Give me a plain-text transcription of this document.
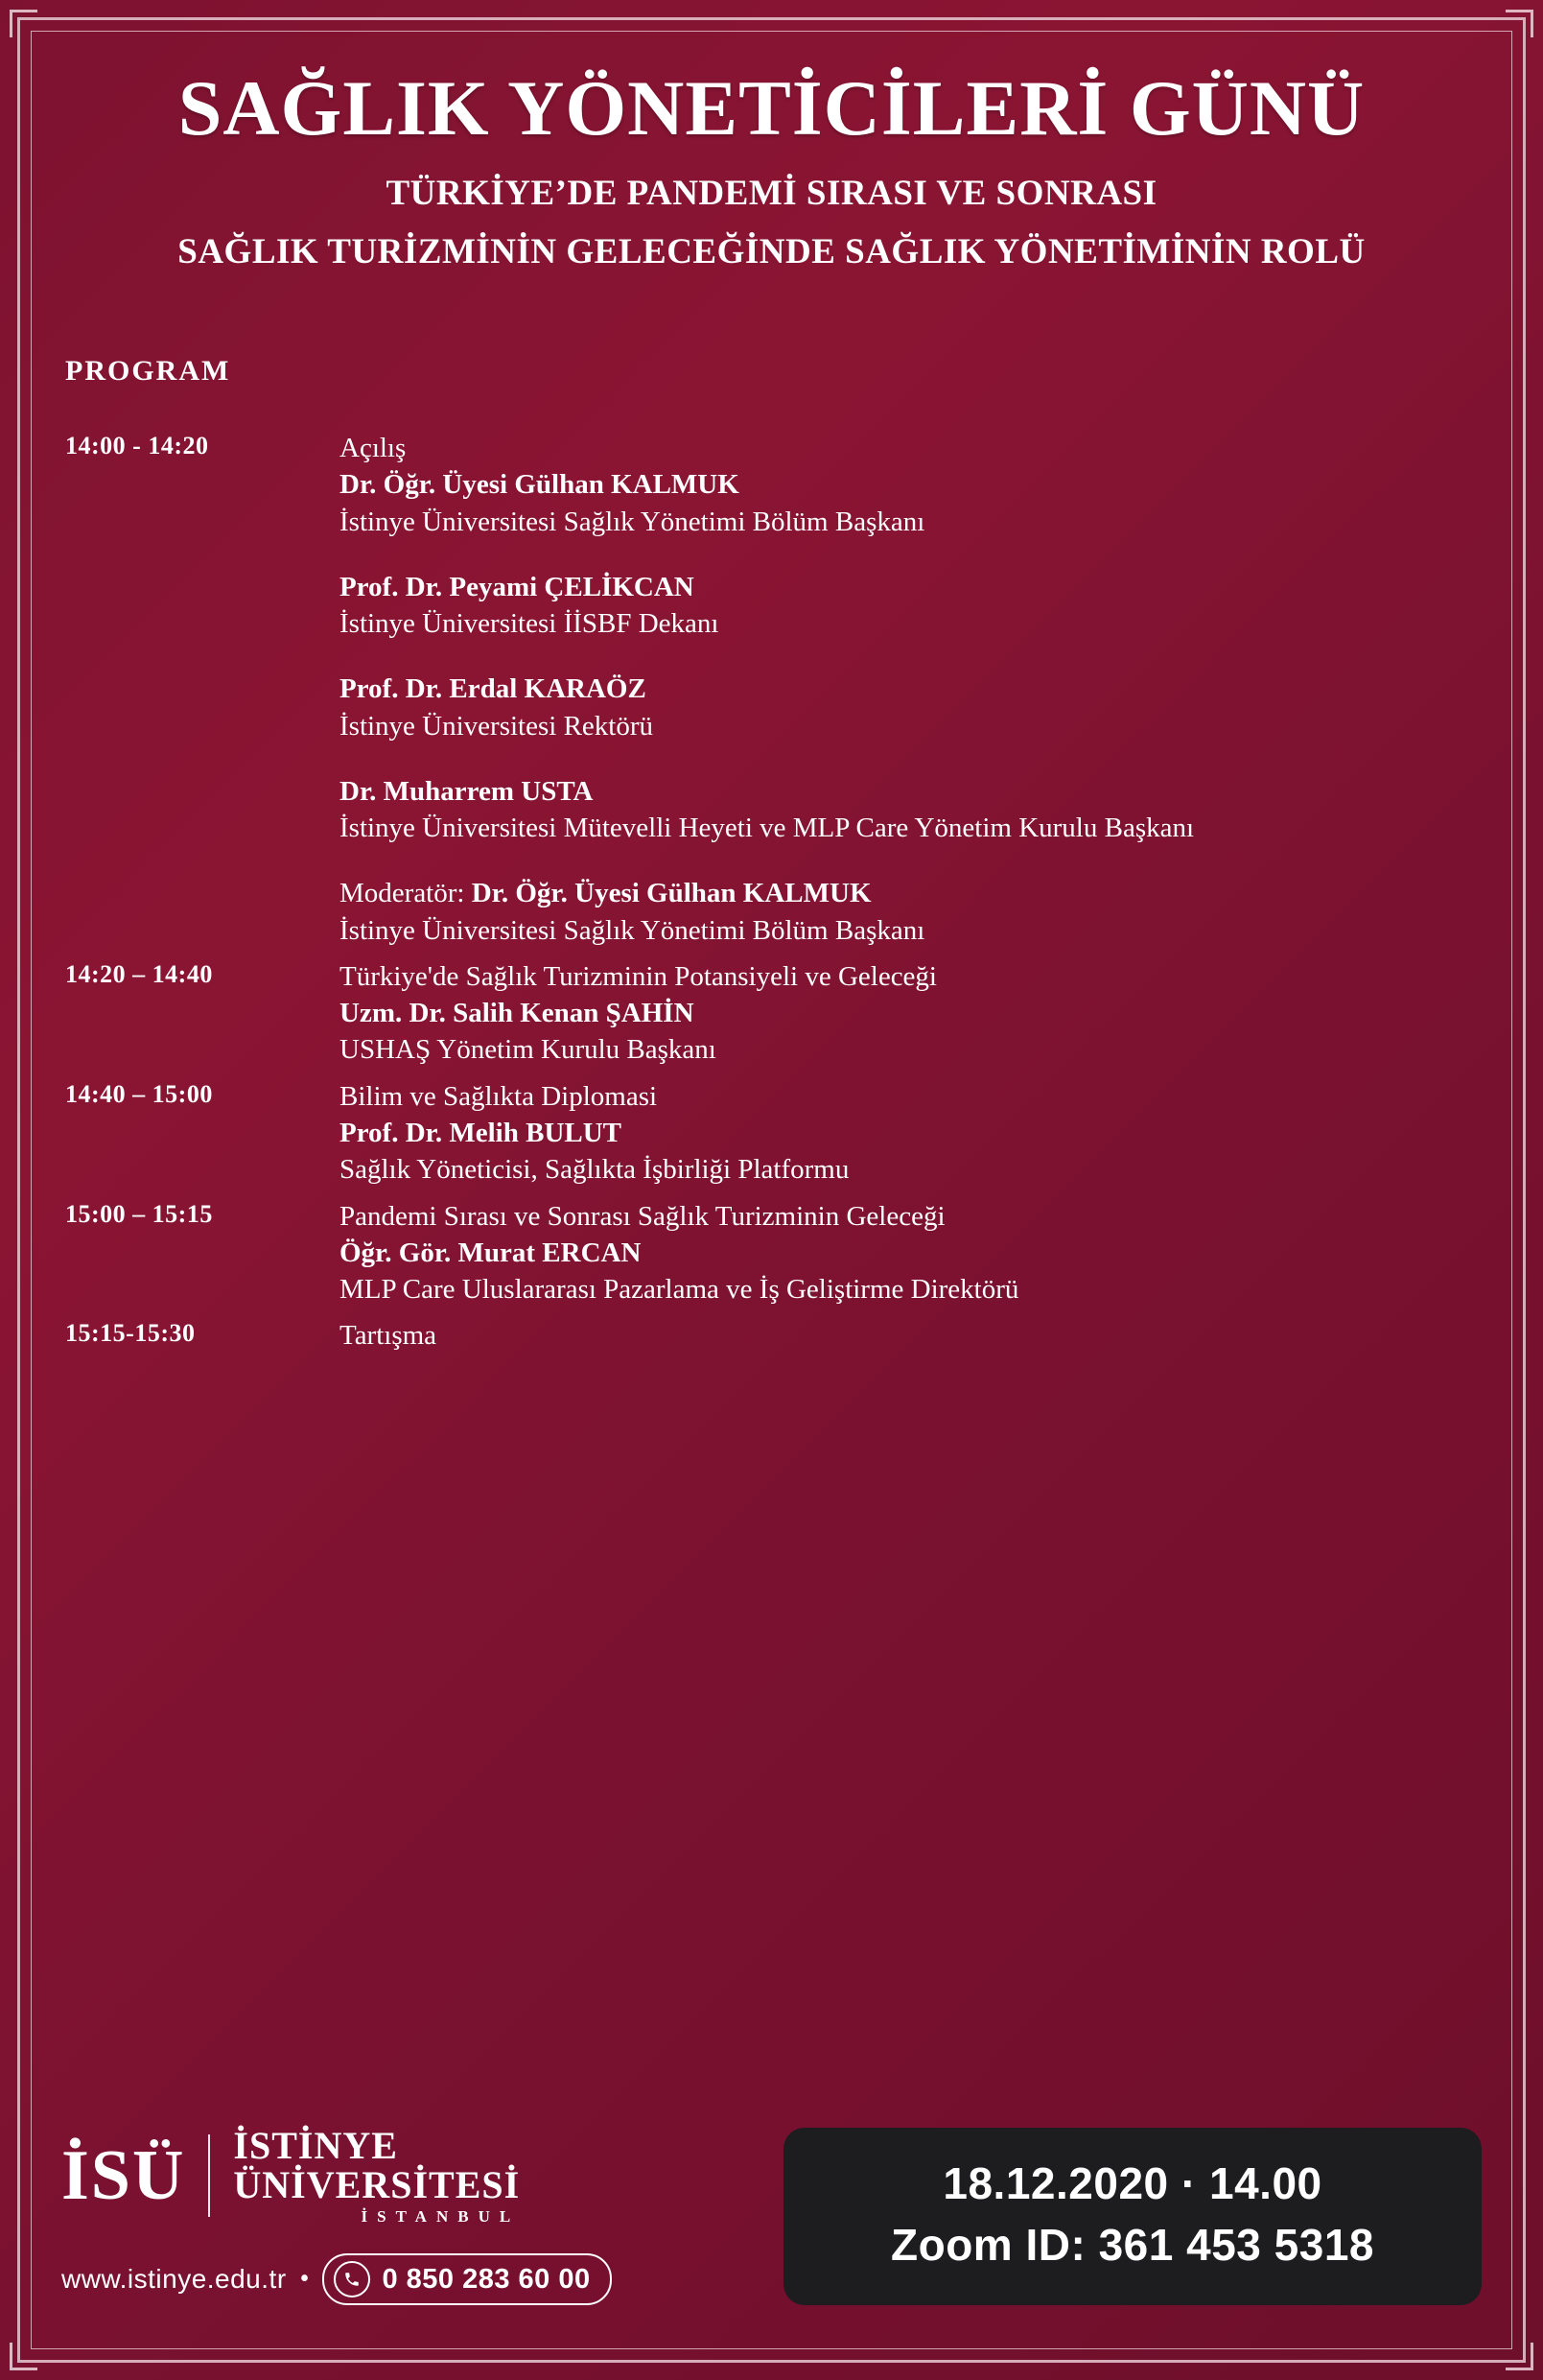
SAĞLIK YÖNETİCİLERİ GÜNÜ
TÜRKİYE’DE PANDEMİ SIRASI VE SONRASI
SAĞLIK TURİZMİNİN GELECEĞİNDE SAĞLIK YÖNETİMİNİN ROLÜ
PROGRAM
14:00 - 14:20	Açılış
Dr. Öğr. Üyesi Gülhan KALMUK
İstinye Üniversitesi Sağlık Yönetimi Bölüm Başkanı
Prof. Dr. Peyami ÇELİKCAN
İstinye Üniversitesi İİSBF Dekanı
Prof. Dr. Erdal KARAÖZ
İstinye Üniversitesi Rektörü
Dr. Muharrem USTA
İstinye Üniversitesi Mütevelli Heyeti ve MLP Care Yönetim Kurulu Başkanı
Moderatör: Dr. Öğr. Üyesi Gülhan KALMUK
İstinye Üniversitesi Sağlık Yönetimi Bölüm Başkanı
14:20 – 14:40	Türkiye'de Sağlık Turizminin Potansiyeli ve Geleceği
Uzm. Dr. Salih Kenan ŞAHİN
USHAŞ Yönetim Kurulu Başkanı
14:40 – 15:00	Bilim ve Sağlıkta Diplomasi
Prof. Dr. Melih BULUT
Sağlık Yöneticisi, Sağlıkta İşbirliği Platformu
15:00 – 15:15	Pandemi Sırası ve Sonrası Sağlık Turizminin Geleceği
Öğr. Gör. Murat ERCAN
MLP Care Uluslararası Pazarlama ve İş Geliştirme Direktörü
15:15-15:30	Tartışma
İSÜ İSTİNYE
ÜNİVERSİTESİ
İSTANBUL
www.istinye.edu.tr •	0 850 283 60 00
18.12.2020 · 14.00
Zoom ID: 361 453 5318
